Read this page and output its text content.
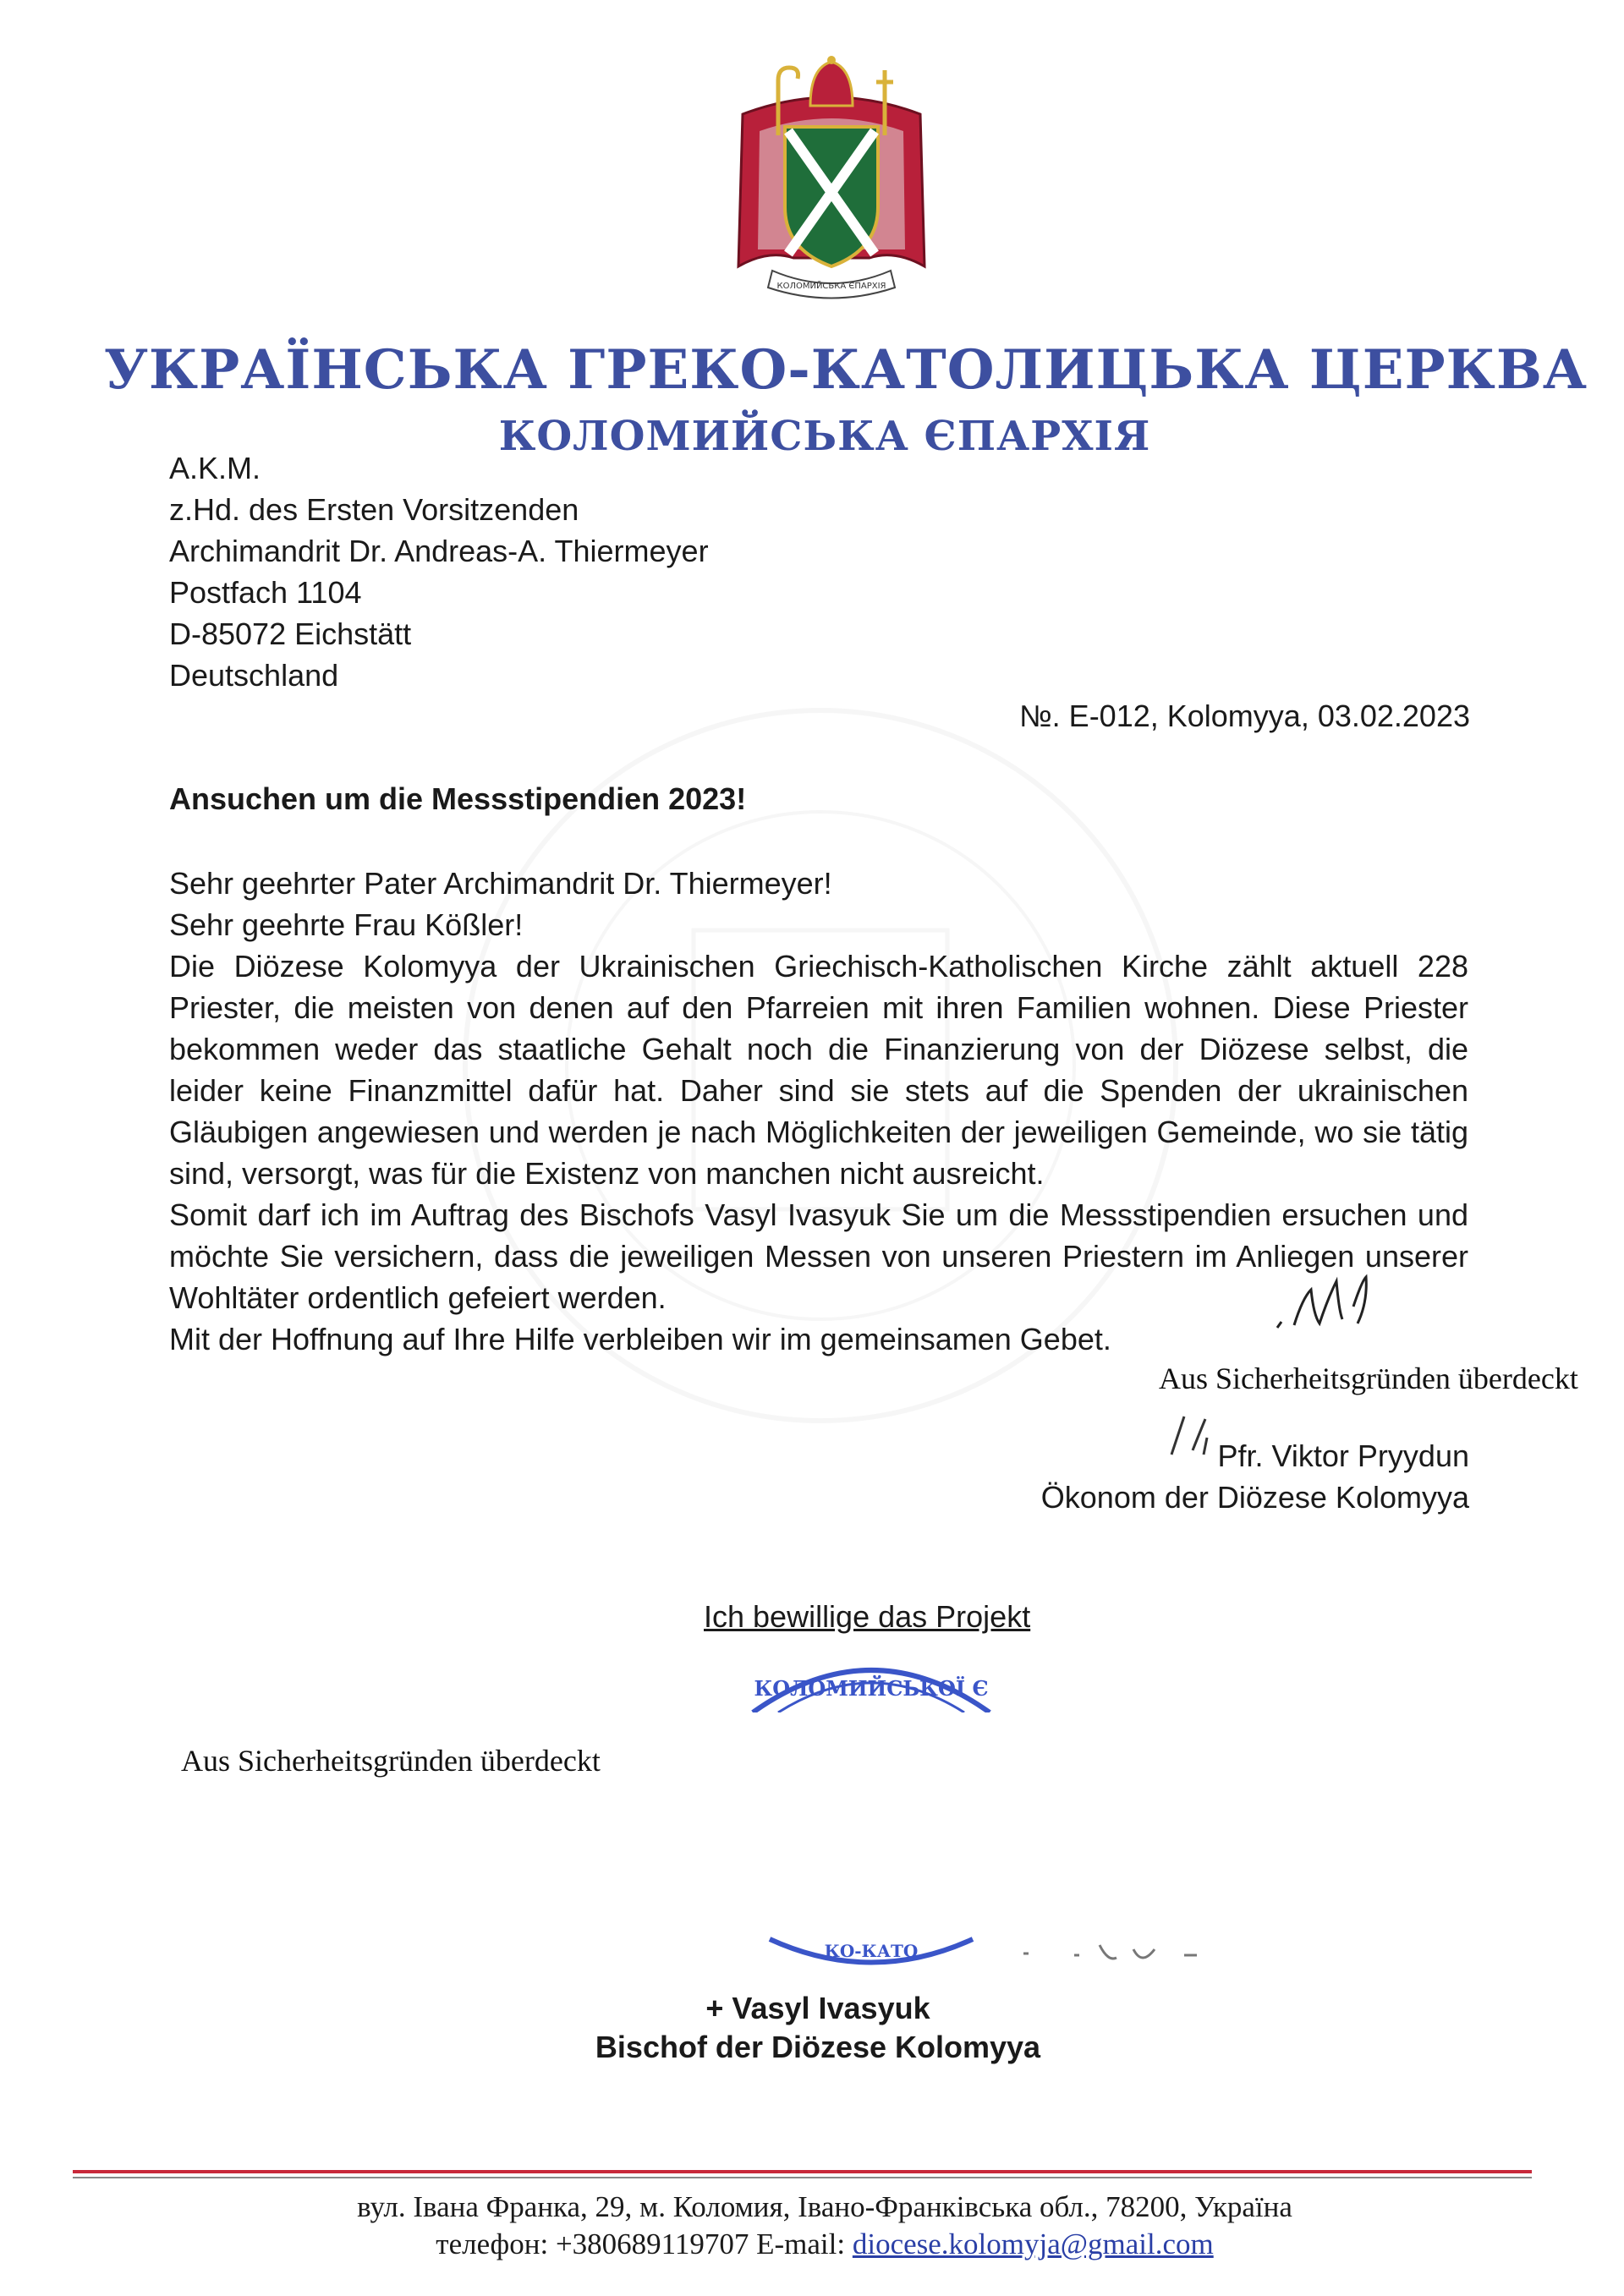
КОЛОМИЙСЬКА ЄПАРХІЯ
УКРАЇНСЬКА ГРЕКО-КАТОЛИЦЬКА ЦЕРКВА
КОЛОМИЙСЬКА ЄПАРХІЯ
A.K.M.
z.Hd. des Ersten Vorsitzenden
Archimandrit Dr. Andreas-A. Thiermeyer
Postfach 1104
D-85072 Eichstätt
Deutschland
№. E-012, Kolomyya, 03.02.2023
Ansuchen um die Messstipendien 2023!
Sehr geehrter Pater Archimandrit Dr. Thiermeyer!
Sehr geehrte Frau Kößler!
Die Diözese Kolomyya der Ukrainischen Griechisch-Katholischen Kirche zählt aktuell 228 Priester, die meisten von denen auf den Pfarreien mit ihren Familien wohnen. Diese Priester bekommen weder das staatliche Gehalt noch die Finanzierung von der Diözese selbst, die leider keine Finanzmittel dafür hat. Daher sind sie stets auf die Spenden der ukrainischen Gläubigen angewiesen und werden je nach Möglichkeiten der jeweiligen Gemeinde, wo sie tätig sind, versorgt, was für die Existenz von manchen nicht ausreicht.
Somit darf ich im Auftrag des Bischofs Vasyl Ivasyuk Sie um die Messstipendien ersuchen und möchte Sie versichern, dass die jeweiligen Messen von unseren Priestern im Anliegen unserer Wohltäter ordentlich gefeiert werden.
Mit der Hoffnung auf Ihre Hilfe verbleiben wir im gemeinsamen Gebet.
Aus Sicherheitsgründen überdeckt
Pfr. Viktor Pryydun
Ökonom der Diözese Kolomyya
Ich bewillige das Projekt
КОЛОМИЙСЬКОЇ Є
Aus Sicherheitsgründen überdeckt
КО-КАТО
+ Vasyl Ivasyuk
Bischof der Diözese Kolomyya
вул. Івана Франка, 29, м. Коломия, Івано-Франківська обл., 78200, Україна
телефон: +380689119707 E-mail: diocese.kolomyja@gmail.com
